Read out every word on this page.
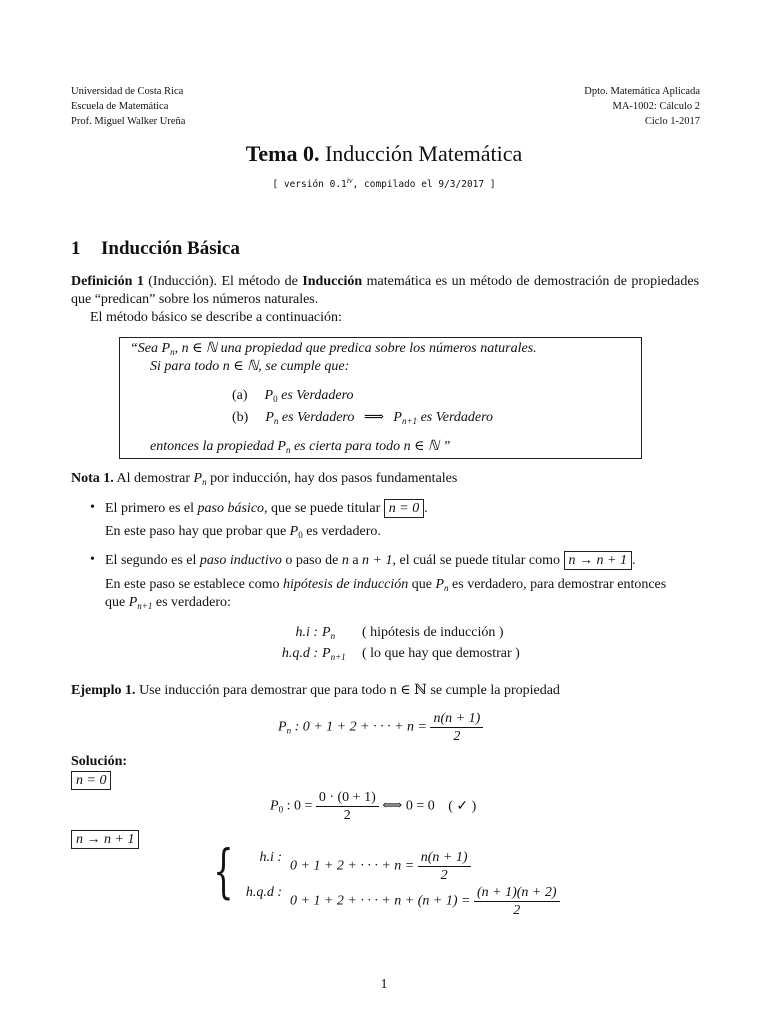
Universidad de Costa Rica
Escuela de Matemática
Prof. Miguel Walker Ureña
Dpto. Matemática Aplicada
MA-1002: Cálculo 2
Ciclo 1-2017
Tema 0. Inducción Matemática
[ versión 0.1$^{iv}$, compilado el 9/3/2017 ]
1 Inducción Básica
Definición 1 (Inducción). El método de Inducción matemática es un método de demostración de propiedades que “predican” sobre los números naturales.
El método básico se describe a continuación:
“Sea $P_n$, n ∈ ℕ una propiedad que predica sobre los números naturales.
Si para todo n ∈ ℕ, se cumple que:
(a) $P_0$ es Verdadero
(b) $P_n$ es Verdadero ⟹ $P_{n+1}$ es Verdadero
entonces la propiedad $P_n$ es cierta para todo n ∈ ℕ ”
Nota 1. Al demostrar $P_n$ por inducción, hay dos pasos fundamentales
• El primero es el paso básico, que se puede titular n = 0 .
En este paso hay que probar que $P_0$ es verdadero.
• El segundo es el paso inductivo o paso de n a n + 1, el cuál se puede titular como n → n + 1 .
En este paso se establece como hipótesis de inducción que $P_n$ es verdadero, para demostrar entonces
que $P_{n+1}$ es verdadero:
h.i : $P_n$ ( hipótesis de inducción )
h.q.d : $P_{n+1}$ ( lo que hay que demostrar )
Ejemplo 1. Use inducción para demostrar que para todo n ∈ ℕ se cumple la propiedad
$P_n$ : 0 + 1 + 2 + · · · + $n = \frac{n(n + 1)}{2}$
Solución:
n = 0
$P_0$ : $0 = \frac{0 \cdot (0 + 1)}{2}$ ⟺ 0 = 0 ( ✓ )
n → n + 1 {	h.i :
0 + 1 + 2 + · · · + $n = \frac{n(n + 1)}{2}$
h.q.d :
0 + 1 + 2 + · · · + $n + (n + 1) = \frac{(n + 1)(n + 2)}{2}$
1
